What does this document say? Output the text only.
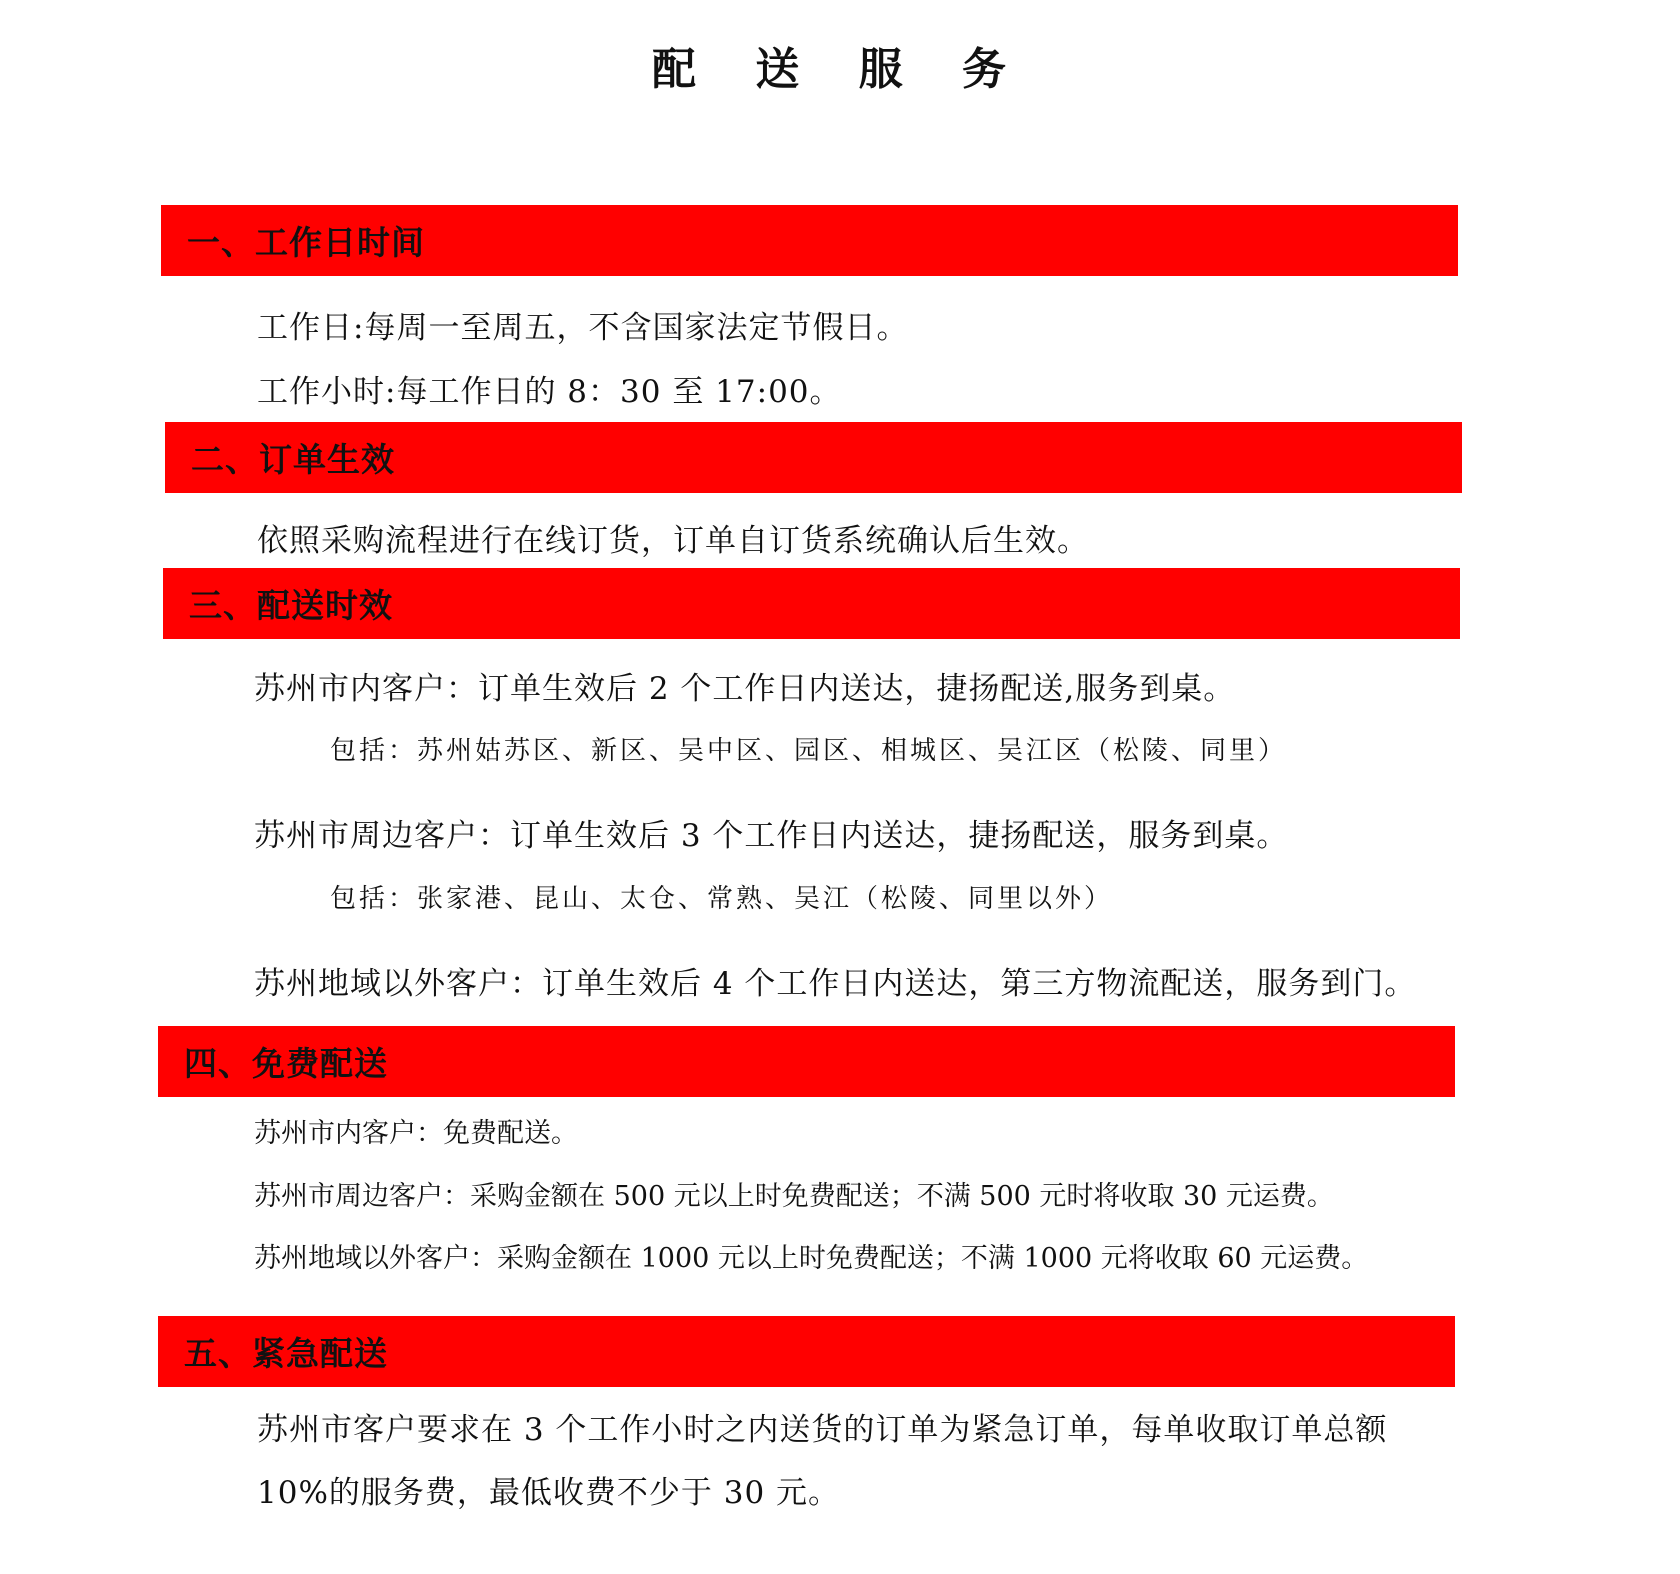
配 送 服 务
一、工作日时间
工作日:每周一至周五，不含国家法定节假日。
工作小时:每工作日的 8：30 至 17:00。
二、订单生效
依照采购流程进行在线订货，订单自订货系统确认后生效。
三、配送时效
苏州市内客户：订单生效后 2 个工作日内送达，捷扬配送,服务到桌。
包括：苏州姑苏区、新区、吴中区、园区、相城区、吴江区（松陵、同里）
苏州市周边客户：订单生效后 3 个工作日内送达，捷扬配送，服务到桌。
包括：张家港、昆山、太仓、常熟、吴江（松陵、同里以外）
苏州地域以外客户：订单生效后 4 个工作日内送达，第三方物流配送，服务到门。
四、免费配送
苏州市内客户：免费配送。
苏州市周边客户：采购金额在 500 元以上时免费配送；不满 500 元时将收取 30 元运费。
苏州地域以外客户：采购金额在 1000 元以上时免费配送；不满 1000 元将收取 60 元运费。
五、紧急配送
苏州市客户要求在 3 个工作小时之内送货的订单为紧急订单，每单收取订单总额
10%的服务费，最低收费不少于 30 元。
